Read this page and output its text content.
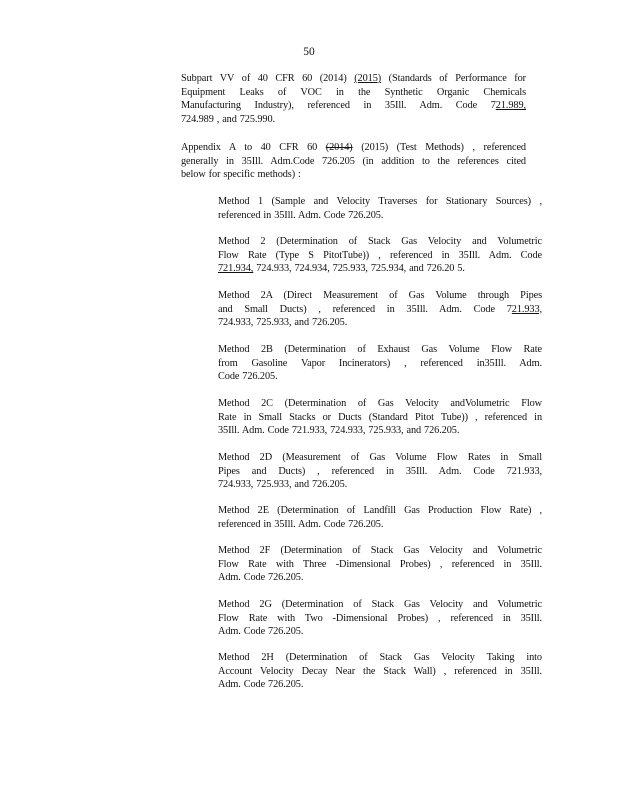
50
Subpart VV of 40 CFR 60 (2014) (2015) (Standards of Performance for
Equipment Leaks of VOC in the Synthetic Organic Chemicals
Manufacturing Industry), referenced in 35Ill. Adm. Code 721.989,
724.989 , and 725.990.
Appendix A to 40 CFR 60 (2014) (2015) (Test Methods) , referenced
generally in 35Ill. Adm.Code 726.205 (in addition to the references cited
below for specific methods) :
Method 1 (Sample and Velocity Traverses for Stationary Sources) ,
referenced in 35Ill. Adm. Code 726.205.
Method 2 (Determination of Stack Gas Velocity and Volumetric
Flow Rate (Type S PitotTube)) , referenced in 35Ill. Adm. Code
721.934, 724.933, 724.934, 725.933, 725.934, and 726.20 5.
Method 2A (Direct Measurement of Gas Volume through Pipes
and Small Ducts) , referenced in 35Ill. Adm. Code 721.933,
724.933, 725.933, and 726.205.
Method 2B (Determination of Exhaust Gas Volume Flow Rate
from Gasoline Vapor Incinerators) , referenced in35Ill. Adm.
Code 726.205.
Method 2C (Determination of Gas Velocity andVolumetric Flow
Rate in Small Stacks or Ducts (Standard Pitot Tube)) , referenced in
35Ill. Adm. Code 721.933, 724.933, 725.933, and 726.205.
Method 2D (Measurement of Gas Volume Flow Rates in Small
Pipes and Ducts) , referenced in 35Ill. Adm. Code 721.933,
724.933, 725.933, and 726.205.
Method 2E (Determination of Landfill Gas Production Flow Rate) ,
referenced in 35Ill. Adm. Code 726.205.
Method 2F (Determination of Stack Gas Velocity and Volumetric
Flow Rate with Three -Dimensional Probes) , referenced in 35Ill.
Adm. Code 726.205.
Method 2G (Determination of Stack Gas Velocity and Volumetric
Flow Rate with Two -Dimensional Probes) , referenced in 35Ill.
Adm. Code 726.205.
Method 2H (Determination of Stack Gas Velocity Taking into
Account Velocity Decay Near the Stack Wall) , referenced in 35Ill.
Adm. Code 726.205.
